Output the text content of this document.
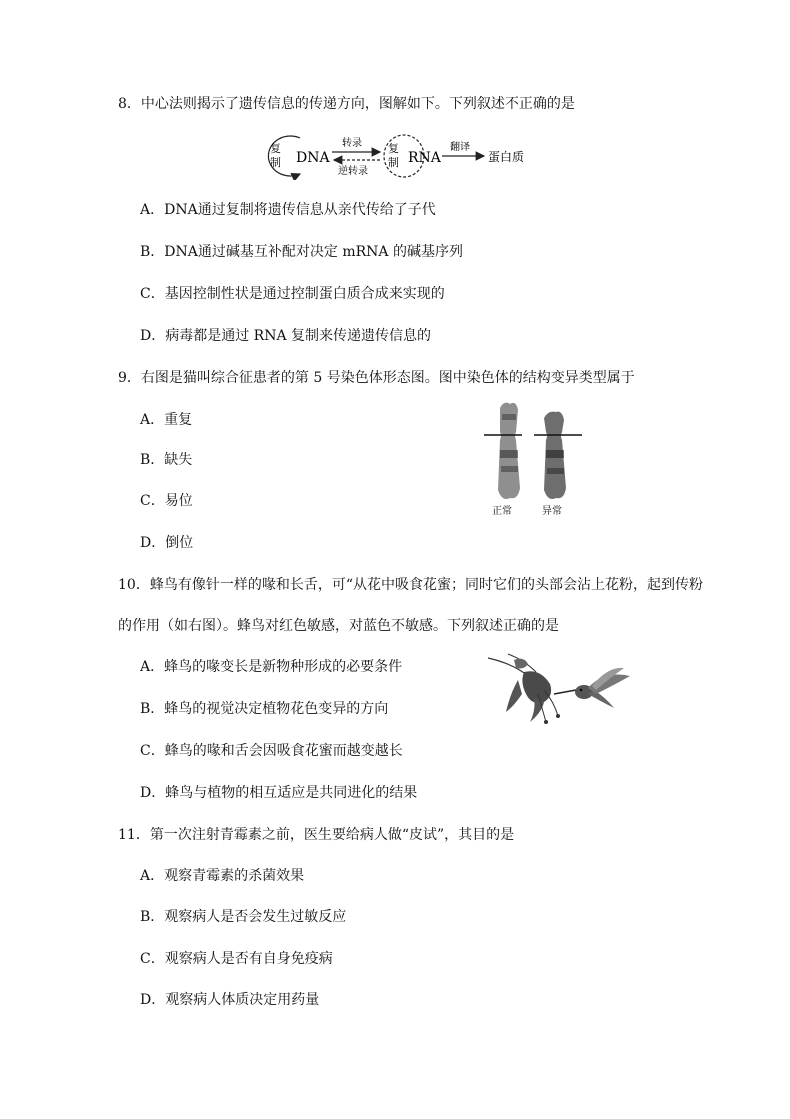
8．中心法则揭示了遗传信息的传递方向，图解如下。下列叙述不正确的是
复
制 DNA
转录
逆转录
复
制 RNA
翻译
蛋白质
A．DNA通过复制将遗传信息从亲代传给了子代
B．DNA通过碱基互补配对决定 mRNA 的碱基序列
C．基因控制性状是通过控制蛋白质合成来实现的
D．病毒都是通过 RNA 复制来传递遗传信息的
9．右图是猫叫综合征患者的第 5 号染色体形态图。图中染色体的结构变异类型属于
A．重复
B．缺失
C．易位
D．倒位
正常	异常
10．蜂鸟有像针一样的喙和长舌，可“从花中吸食花蜜；同时它们的头部会沾上花粉，起到传粉
的作用（如右图）。蜂鸟对红色敏感，对蓝色不敏感。下列叙述正确的是
A．蜂鸟的喙变长是新物种形成的必要条件
B．蜂鸟的视觉决定植物花色变异的方向
C．蜂鸟的喙和舌会因吸食花蜜而越变越长
D．蜂鸟与植物的相互适应是共同进化的结果
11．第一次注射青霉素之前，医生要给病人做“皮试”，其目的是
A．观察青霉素的杀菌效果
B．观察病人是否会发生过敏反应
C．观察病人是否有自身免疫病
D．观察病人体质决定用药量
